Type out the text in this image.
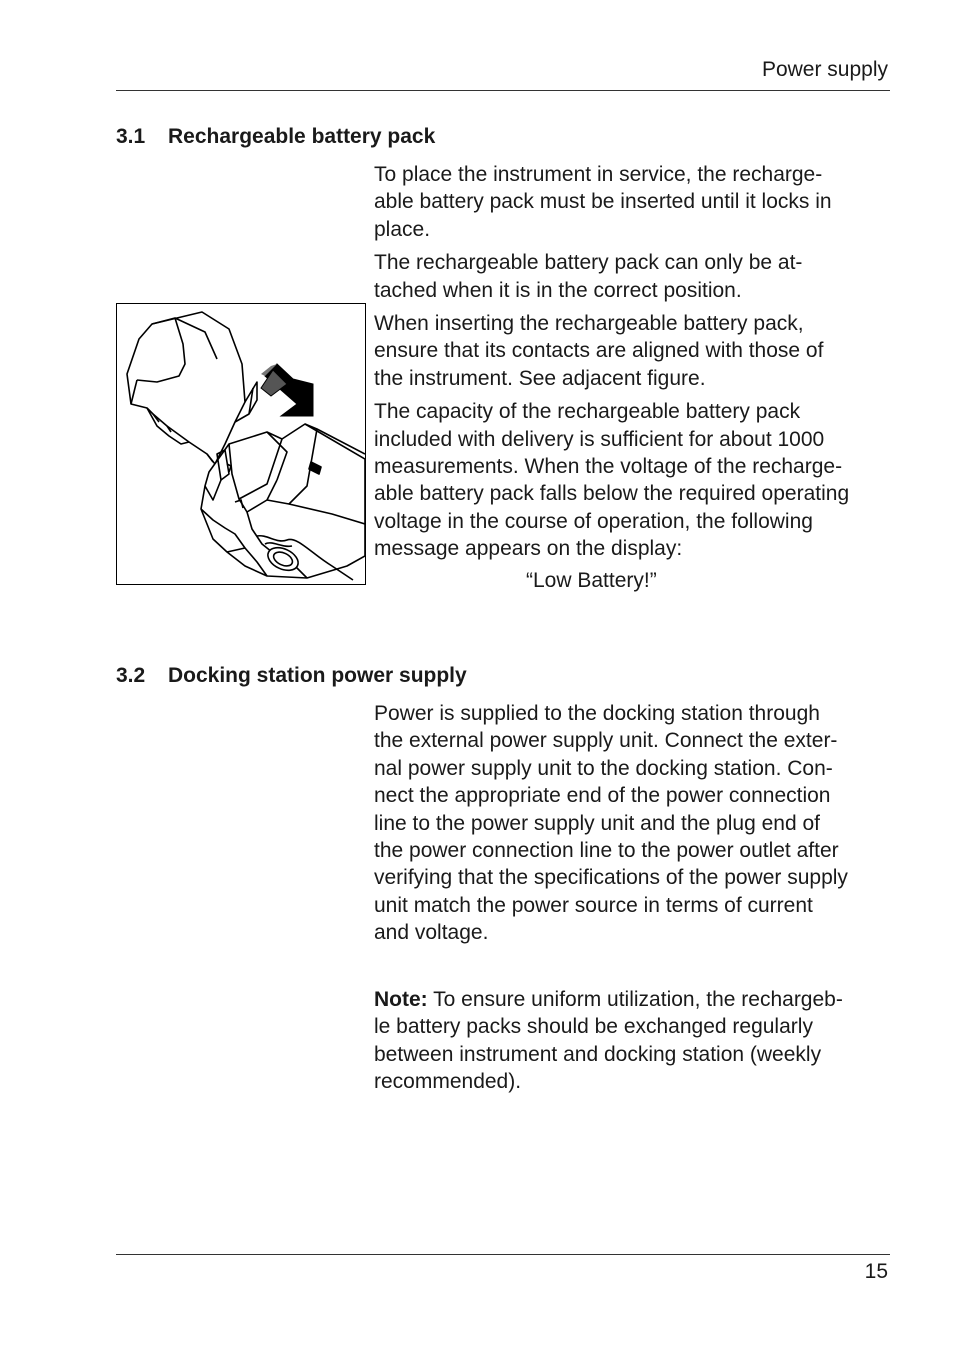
Power supply
3.1 Rechargeable battery pack

To place the instrument in service, the recharge-
able battery pack must be inserted until it locks in
place.

The rechargeable battery pack can only be at-
tached when it is in the correct position.

When inserting the rechargeable battery pack,
ensure that its contacts are aligned with those of
the instrument. See adjacent figure.

The capacity of the rechargeable battery pack
included with delivery is sufficient for about 1000
measurements. When the voltage of the recharge-
able battery pack falls below the required operating
voltage in the course of operation, the following
message appears on the display:

“Low Battery!”
3.2 Docking station power supply

Power is supplied to the docking station through
the external power supply unit. Connect the exter-
nal power supply unit to the docking station. Con-
nect the appropriate end of the power connection
line to the power supply unit and the plug end of
the power connection line to the power outlet after
verifying that the specifications of the power supply
unit match the power source in terms of current
and voltage.

Note: To ensure uniform utilization, the rechargeb-
le battery packs should be exchanged regularly
between instrument and docking station (weekly
recommended).

15
